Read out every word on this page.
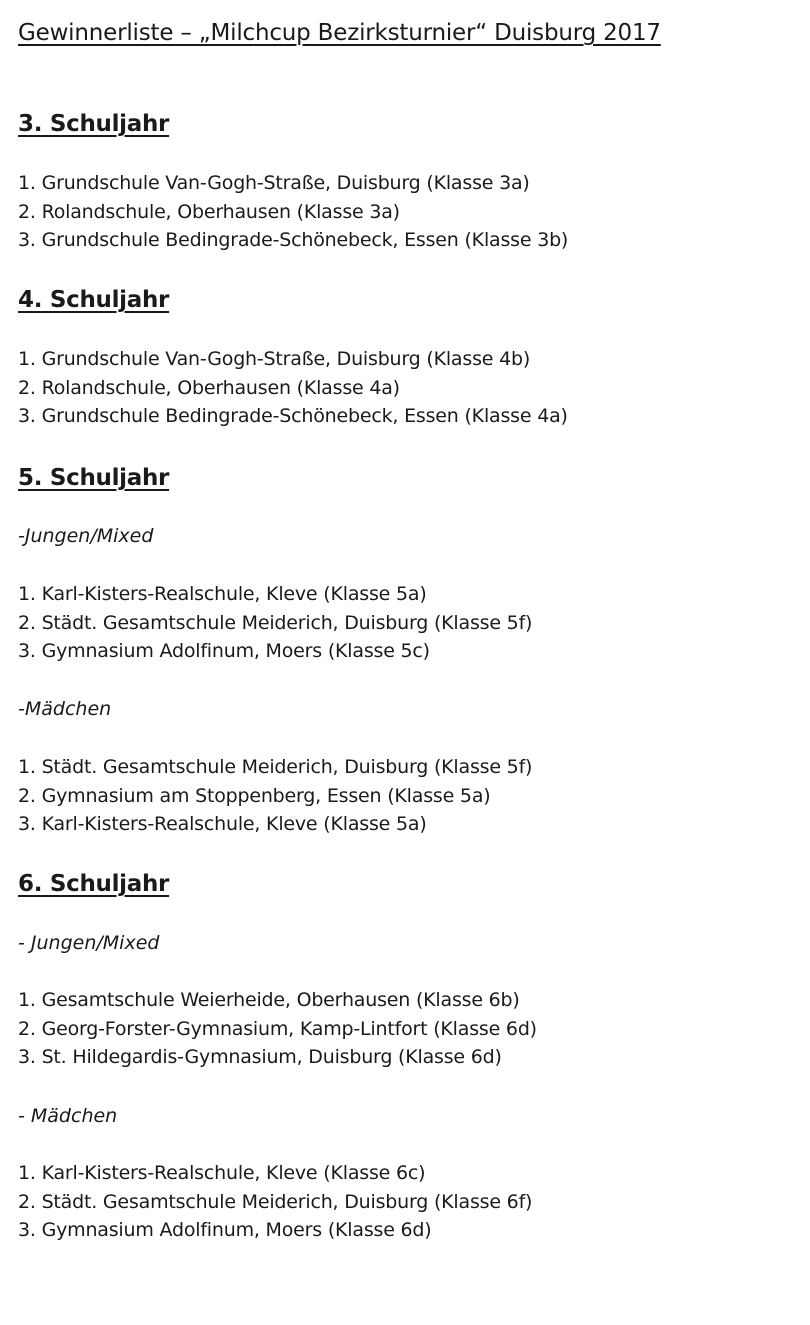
Gewinnerliste – „Milchcup Bezirksturnier“ Duisburg 2017
3. Schuljahr
1. Grundschule Van-Gogh-Straße, Duisburg (Klasse 3a)
2. Rolandschule, Oberhausen (Klasse 3a)
3. Grundschule Bedingrade-Schönebeck, Essen (Klasse 3b)
4. Schuljahr
1. Grundschule Van-Gogh-Straße, Duisburg (Klasse 4b)
2. Rolandschule, Oberhausen (Klasse 4a)
3. Grundschule Bedingrade-Schönebeck, Essen (Klasse 4a)
5. Schuljahr
-Jungen/Mixed
1. Karl-Kisters-Realschule, Kleve (Klasse 5a)
2. Städt. Gesamtschule Meiderich, Duisburg (Klasse 5f)
3. Gymnasium Adolfinum, Moers (Klasse 5c)
-Mädchen
1. Städt. Gesamtschule Meiderich, Duisburg (Klasse 5f)
2. Gymnasium am Stoppenberg, Essen (Klasse 5a)
3. Karl-Kisters-Realschule, Kleve (Klasse 5a)
6. Schuljahr
- Jungen/Mixed
1. Gesamtschule Weierheide, Oberhausen (Klasse 6b)
2. Georg-Forster-Gymnasium, Kamp-Lintfort (Klasse 6d)
3. St. Hildegardis-Gymnasium, Duisburg (Klasse 6d)
- Mädchen
1. Karl-Kisters-Realschule, Kleve (Klasse 6c)
2. Städt. Gesamtschule Meiderich, Duisburg (Klasse 6f)
3. Gymnasium Adolfinum, Moers (Klasse 6d)
